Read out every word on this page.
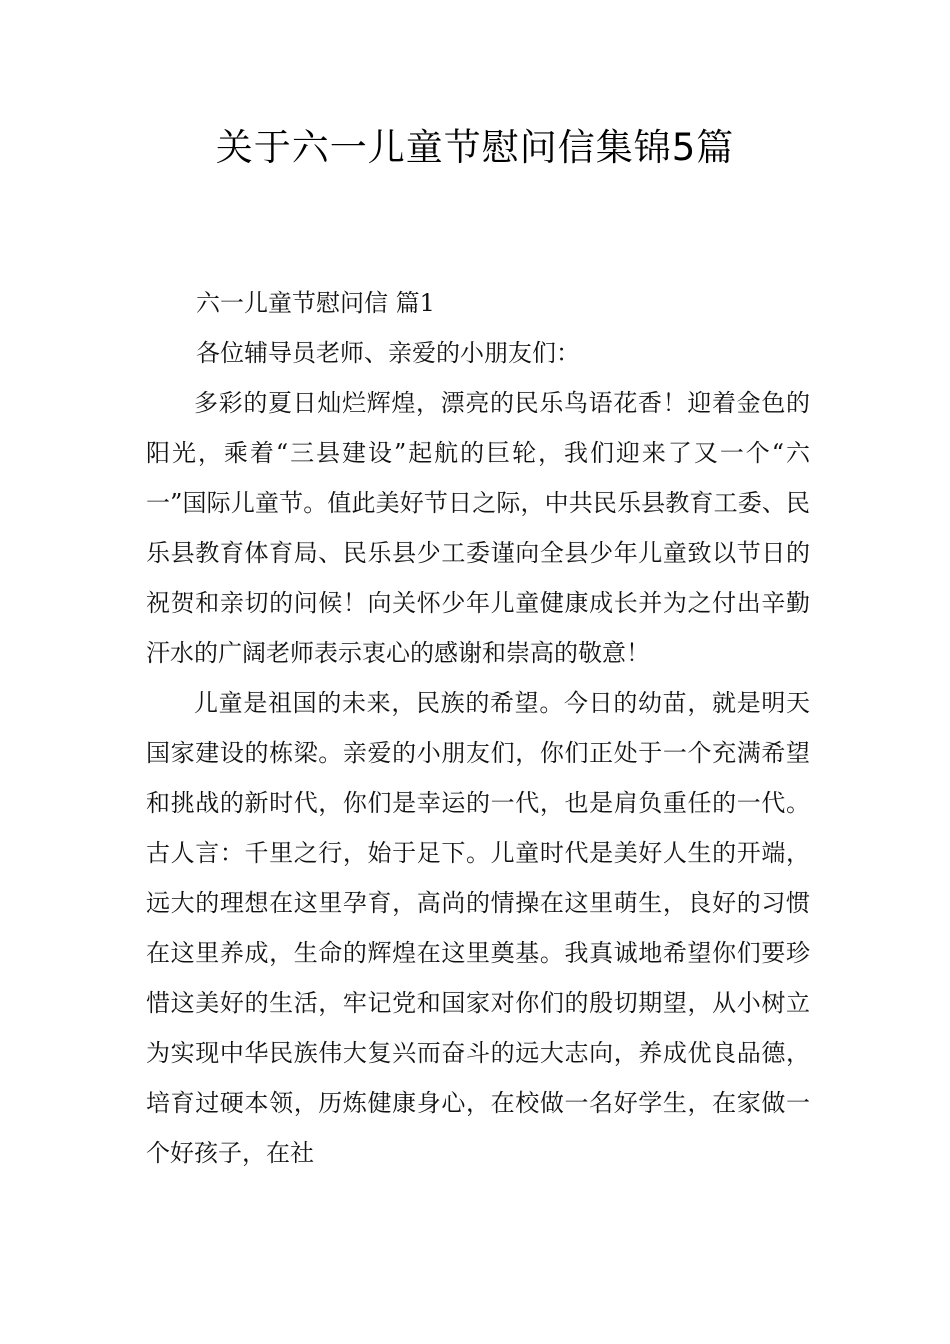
关于六一儿童节慰问信集锦5篇

六一儿童节慰问信 篇1

各位辅导员老师、亲爱的小朋友们：

多彩的夏日灿烂辉煌，漂亮的民乐鸟语花香！迎着金色的阳光，乘着“三县建设”起航的巨轮，我们迎来了又一个“六一”国际儿童节。值此美好节日之际，中共民乐县教育工委、民乐县教育体育局、民乐县少工委谨向全县少年儿童致以节日的祝贺和亲切的问候！向关怀少年儿童健康成长并为之付出辛勤汗水的广阔老师表示衷心的感谢和崇高的敬意！

儿童是祖国的未来，民族的希望。今日的幼苗，就是明天国家建设的栋梁。亲爱的小朋友们，你们正处于一个充满希望和挑战的新时代，你们是幸运的一代，也是肩负重任的一代。古人言：千里之行，始于足下。儿童时代是美好人生的开端，远大的理想在这里孕育，高尚的情操在这里萌生，良好的习惯在这里养成，生命的辉煌在这里奠基。我真诚地希望你们要珍惜这美好的生活，牢记党和国家对你们的殷切期望，从小树立为实现中华民族伟大复兴而奋斗的远大志向，养成优良品德，培育过硬本领，历炼健康身心，在校做一名好学生，在家做一个好孩子，在社
